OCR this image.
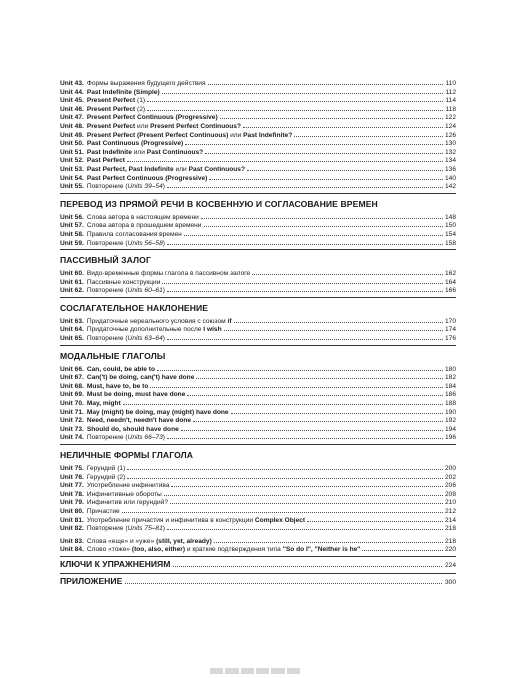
Unit 43. Формы выражения будущего действия	110
Unit 44. Past Indefinite (Simple)	112
Unit 45. Present Perfect (1)	114
Unit 46. Present Perfect (2)	118
Unit 47. Present Perfect Continuous (Progressive)	122
Unit 48. Present Perfect или Present Perfect Continuous?	124
Unit 49. Present Perfect (Present Perfect Continuous) или Past Indefinite?	126
Unit 50. Past Continuous (Progressive)	130
Unit 51. Past Indefinite или Past Continuous?	132
Unit 52. Past Perfect	134
Unit 53. Past Perfect, Past Indefinite или Past Continuous?	136
Unit 54. Past Perfect Continuous (Progressive)	140
Unit 55. Повторение (Units 39–54)	142
ПЕРЕВОД ИЗ ПРЯМОЙ РЕЧИ В КОСВЕННУЮ И СОГЛАСОВАНИЕ ВРЕМЕН
Unit 56. Слова автора в настоящем времени	148
Unit 57. Слова автора в прошедшем времени	150
Unit 58. Правила согласования времен	154
Unit 59. Повторение (Units 56–58)	158
ПАССИВНЫЙ ЗАЛОГ
Unit 60. Видо-временные формы глагола в пассивном залоге	162
Unit 61. Пассивные конструкции	164
Unit 62. Повторение (Units 60–61)	166
СОСЛАГАТЕЛЬНОЕ НАКЛОНЕНИЕ
Unit 63. Придаточные нереального условия с союзом if	170
Unit 64. Придаточные дополнительные после I wish	174
Unit 65. Повторение (Units 63–64)	176
МОДАЛЬНЫЕ ГЛАГОЛЫ
Unit 66. Can, could, be able to	180
Unit 67. Can('t) be doing, can('t) have done	182
Unit 68. Must, have to, be to	184
Unit 69. Must be doing, must have done	186
Unit 70. May, might	188
Unit 71. May (might) be doing, may (might) have done	190
Unit 72. Need, needn't, needn't have done	192
Unit 73. Should do, should have done	194
Unit 74. Повторение (Units 66–73)	196
НЕЛИЧНЫЕ ФОРМЫ ГЛАГОЛА
Unit 75. Герундий (1)	200
Unit 76. Герундий (2)	202
Unit 77. Употребление инфинитива	206
Unit 78. Инфинитивные обороты	208
Unit 79. Инфинитив или герундий?	210
Unit 80. Причастие	212
Unit 81. Употребление причастия и инфинитива в конструкции Complex Object	214
Unit 82. Повторение (Units 75–81)	218
Unit 83. Слова «еще» и «уже» (still, yet, already)	218
Unit 84. Слово «тоже» (too, also, either) и краткие подтверждения типа "So do I", "Neither is he"	220
КЛЮЧИ К УПРАЖНЕНИЯМ	224
ПРИЛОЖЕНИЕ	300
